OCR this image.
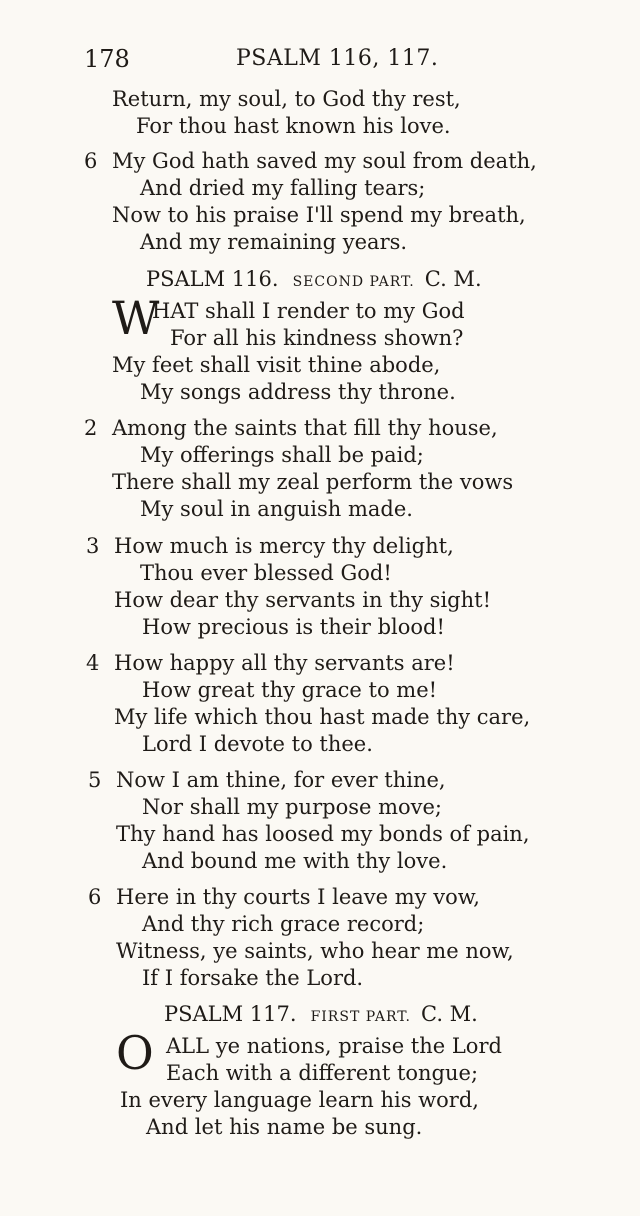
178	PSALM 116, 117.
Return, my soul, to God thy rest,
For thou hast known his love.
6 My God hath saved my soul from death,
And dried my falling tears;
Now to his praise I'll spend my breath,
And my remaining years.
PSALM 116. SECOND PART. C. M.
W
HAT shall I render to my God
For all his kindness shown?
My feet shall visit thine abode,
My songs address thy throne.
2 Among the saints that fill thy house,
My offerings shall be paid;
There shall my zeal perform the vows
My soul in anguish made.
3 How much is mercy thy delight,
Thou ever blessed God!
How dear thy servants in thy sight!
How precious is their blood!
4 How happy all thy servants are!
How great thy grace to me!
My life which thou hast made thy care,
Lord I devote to thee.
5 Now I am thine, for ever thine,
Nor shall my purpose move;
Thy hand has loosed my bonds of pain,
And bound me with thy love.
6 Here in thy courts I leave my vow,
And thy rich grace record;
Witness, ye saints, who hear me now,
If I forsake the Lord.
PSALM 117. FIRST PART. C. M.
O ALL ye nations, praise the Lord
Each with a different tongue;
In every language learn his word,
And let his name be sung.
